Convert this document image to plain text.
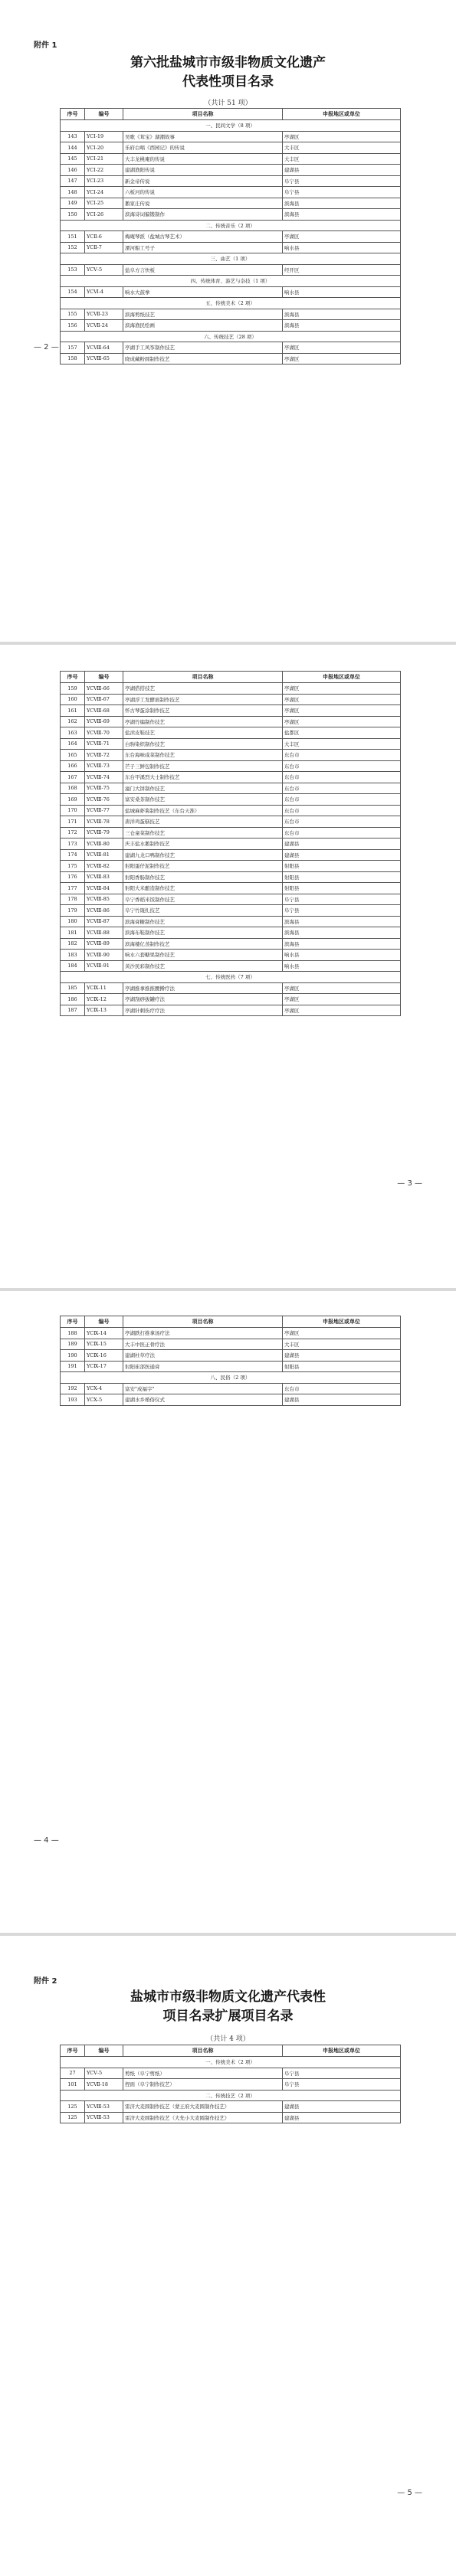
附件 1
第六批盐城市市级非物质文化遗产
代表性项目名录
（共计 51 项）
序号	编号	项目名称	申报地区或单位
一、民间文学（8 项）			
143	YCⅠ-19	吴歌《茸宝》湖潮故事	亭湖区
144	YCⅠ-20	乐府白唱《西园记》的传说	大丰区
145	YCⅠ-21	大丰龙桃庵的传说	大丰区
146	YCⅠ-22	建湖渔阳传说	建湖县
147	YCⅠ-23	新金帝传说	阜宁县
148	YCⅠ-24	六板河的传说	阜宁县
149	YCⅠ-25	鹅家庄传说	滨海县
150	YCⅠ-26	滨海诗词偏锻制作	滨海县
二、传统音乐（2 项）			
151	YCⅡ-6	梅庵琴派（盐城古琴艺术）	亭湖区
152	YCⅡ-7	溧河船工号子	响水县
三、曲艺（1 项）			
153	YCⅤ-5	盐阜方言快板	经开区
四、传统体育、游艺与杂技（1 项）			
154	YCⅥ-4	响水大鼓拳	响水县
五、传统美术（2 项）			
155	YCⅦ-23	滨海剪纸技艺	滨海县
156	YCⅦ-24	滨海渔民绘画	滨海县
六、传统技艺（28 项）			
157	YCⅧ-64	亭湖手工风筝制作技艺	亭湖区
158	YCⅧ-65	晓成藏粉圆制作技艺	亭湖区
— 2 —
序号	编号	项目名称	申报地区或单位
159	YCⅧ-66	亭湖搭搭技艺	亭湖区
160	YCⅧ-67	亭湖浮工发酵面制作技艺	亭湖区
161	YCⅧ-68	怀古琴蛋涂制作技艺	亭湖区
162	YCⅧ-69	亭湖竹编制作技艺	亭湖区
163	YCⅧ-70	盐渎皮鞋技艺	盐都区
164	YCⅧ-71	白驹染织制作技艺	大丰区
165	YCⅧ-72	东台海味咸菜制作技艺	东台市
166	YCⅧ-73	芒子三鲜包制作技艺	东台市
167	YCⅧ-74	东台甲溪烈大士制作技艺	东台市
168	YCⅧ-75	潼门大饼制作技艺	东台市
169	YCⅧ-76	富安桑茶制作技艺	东台市
170	YCⅧ-77	盐城麻虾酱制作技艺（东台天淮）	东台市
171	YCⅧ-78	唐洋鸡蛋糕技艺	东台市
172	YCⅧ-79	三仓童菜制作技艺	东台市
173	YCⅧ-80	庆丰盐水鹅制作技艺	建湖县
174	YCⅧ-81	建湖九龙口鸭制作技艺	建湖县
175	YCⅧ-82	射阳蛋仔泥制作技艺	射阳县
176	YCⅧ-83	射阳香肠制作技艺	射阳县
177	YCⅧ-84	射阳大米酿造制作技艺	射阳县
178	YCⅧ-85	阜宁香稻米饭制作技艺	阜宁县
179	YCⅧ-86	阜宁竹篾扎技艺	阜宁县
180	YCⅧ-87	滨海膏糖制作技艺	滨海县
181	YCⅧ-88	滨海布鞋制作技艺	滨海县
182	YCⅧ-89	滨海楼亿蒸制作技艺	滨海县
183	YCⅧ-90	响水六套糖果制作技艺	响水县
184	YCⅧ-91	黄沙民彩制作技艺	响水县
七、传统医药（7 项）			
185	YCⅨ-11	亭湖推拿推推腰擀疗法	亭湖区
186	YCⅨ-12	亭湖刮痧拔罐疗法	亭湖区
187	YCⅨ-13	亭湖针刺伤疗疗法	亭湖区
— 3 —
序号	编号	项目名称	申报地区或单位
188	YCⅨ-14	亭湖跌打推拿汤疗法	亭湖区
189	YCⅨ-15	大丰中医正骨疗法	大丰区
190	YCⅨ-16	建湖杜草疗法	建湖县
191	YCⅨ-17	射阳崔部医通膏	射阳县
八、民俗（2 项）			
192	YCⅩ-4	富安"成福字"	东台市
193	YCⅩ-5	建湖水乡婚俗仪式	建湖县
— 4 —
附件 2
盐城市市级非物质文化遗产代表性
项目名录扩展项目名录
（共计 4 项）
序号	编号	项目名称	申报地区或单位
一、传统美术（2 项）			
27	YCⅤ-5	剪纸（阜宁剪纸）	阜宁县
101	YCⅦ-18	捏面（阜宁制作技艺）	阜宁县
二、传统技艺（2 项）			
125	YCⅧ-53	雷济大麦圆制作技艺（蒙王府大麦圆制作技艺）	建湖县
125	YCⅧ-53	雷济大麦圆制作技艺（大先小大麦圆制作技艺）	建湖县
— 5 —
